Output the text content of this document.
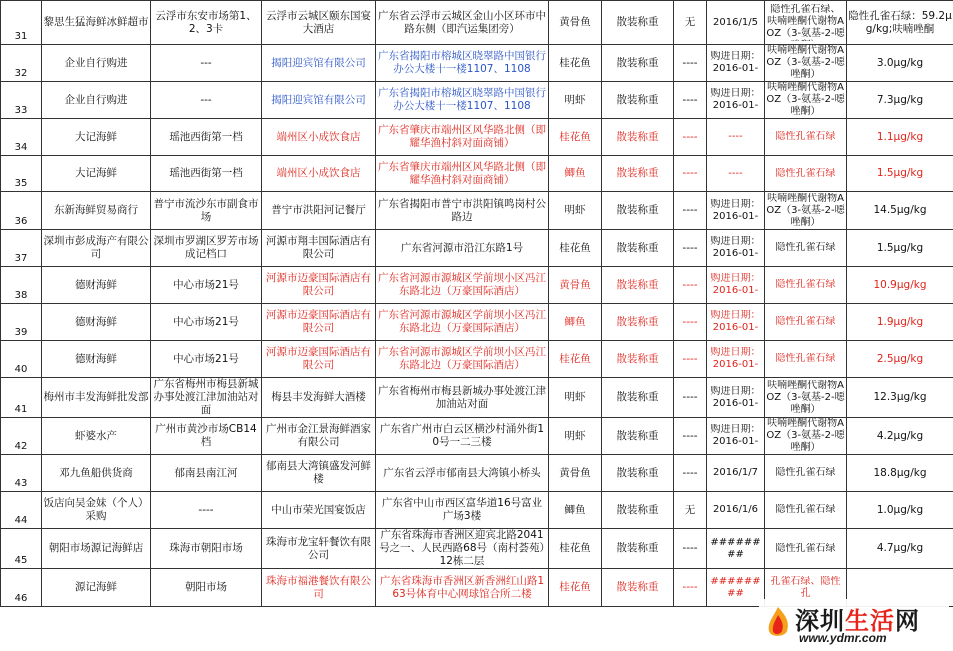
31	黎思生猛海鲜冰鲜超市	云浮市东安市场第1、2、3卡	云浮市云城区颐东国宴大酒店	广东省云浮市云城区金山小区环市中路东侧（即汽运集团旁）	黄骨鱼	散装称重	无	2016/1/5	隐性孔雀石绿、呋喃唑酮代谢物AOZ（3-氨基-2-噁	隐性孔雀石绿：59.2μg/kg;呋喃唑酮
32	企业自行购进	---	揭阳迎宾馆有限公司	广东省揭阳市榕城区晓翠路中国银行办公大楼十一楼1107、1108	桂花鱼	散装称重	----	购进日期：2016-01-	呋喃唑酮代谢物AOZ（3-氨基-2-噁唑酮）	3.0μg/kg
33	企业自行购进	---	揭阳迎宾馆有限公司	广东省揭阳市榕城区晓翠路中国银行办公大楼十一楼1107、1108	明虾	散装称重	----	购进日期：2016-01-	呋喃唑酮代谢物AOZ（3-氨基-2-噁唑酮）	7.3μg/kg
34	大记海鲜	瑶池西街第一档	端州区小成饮食店	广东省肇庆市端州区风华路北侧（即耀华渔村斜对面商铺）	桂花鱼	散装称重	----	----	隐性孔雀石绿	1.1μg/kg
35	大记海鲜	瑶池西街第一档	端州区小成饮食店	广东省肇庆市端州区风华路北侧（即耀华渔村斜对面商铺）	鲫鱼	散装称重	----	----	隐性孔雀石绿	1.5μg/kg
36	东新海鲜贸易商行	普宁市流沙东市副食市场	普宁市洪阳河记餐厅	广东省揭阳市普宁市洪阳镇鸣岗村公路边	明虾	散装称重	----	购进日期：2016-01-	呋喃唑酮代谢物AOZ（3-氨基-2-噁唑酮）	14.5μg/kg
37	深圳市彭成海产有限公司	深圳市罗湖区罗芳市场成记档口	河源市翔丰国际酒店有限公司	广东省河源市沿江东路1号	桂花鱼	散装称重	----	购进日期：2016-01-	隐性孔雀石绿	1.5μg/kg
38	德财海鲜	中心市场21号	河源市迈豪国际酒店有限公司	广东省河源市源城区学前坝小区冯江东路北边（万豪国际酒店）	黄骨鱼	散装称重	----	购进日期：2016-01-	隐性孔雀石绿	10.9μg/kg
39	德财海鲜	中心市场21号	河源市迈豪国际酒店有限公司	广东省河源市源城区学前坝小区冯江东路北边（万豪国际酒店）	鲫鱼	散装称重	----	购进日期：2016-01-	隐性孔雀石绿	1.9μg/kg
40	德财海鲜	中心市场21号	河源市迈豪国际酒店有限公司	广东省河源市源城区学前坝小区冯江东路北边（万豪国际酒店）	桂花鱼	散装称重	----	购进日期：2016-01-	隐性孔雀石绿	2.5μg/kg
41	梅州市丰发海鲜批发部	广东省梅州市梅县新城办事处渡江津加油站对面	梅县丰发海鲜大酒楼	广东省梅州市梅县新城办事处渡江津加油站对面	明虾	散装称重	----	购进日期：2016-01-	呋喃唑酮代谢物AOZ（3-氨基-2-噁唑酮）	12.3μg/kg
42	虾婆水产	广州市黄沙市场CB14档	广州市金江景海鲜酒家有限公司	广东省广州市白云区横沙村涌外街10号一二三楼	明虾	散装称重	----	购进日期：2016-01-	呋喃唑酮代谢物AOZ（3-氨基-2-噁唑酮）	4.2μg/kg
43	邓九鱼船供货商	郁南县南江河	郁南县大湾镇盛发河鲜楼	广东省云浮市郁南县大湾镇小桥头	黄骨鱼	散装称重	----	2016/1/7	隐性孔雀石绿	18.8μg/kg
44	饭店向吴金妹（个人）采购	----	中山市荣光国宴饭店	广东省中山市西区富华道16号富业广场3楼	鲫鱼	散装称重	无	2016/1/6	隐性孔雀石绿	1.0μg/kg
45	朝阳市场源记海鲜店	珠海市朝阳市场	珠海市龙宝轩餐饮有限公司	广东省珠海市香洲区迎宾北路2041号之一、人民西路68号（南村荟苑）12栋二层	桂花鱼	散装称重	----	########	隐性孔雀石绿	4.7μg/kg
46	源记海鲜	朝阳市场	珠海市福港餐饮有限公司	广东省珠海市香洲区新香洲红山路163号体育中心网球馆合所二楼	桂花鱼	散装称重	----	########	孔雀石绿、隐性孔	

深圳生活网
www.ydmr.com
